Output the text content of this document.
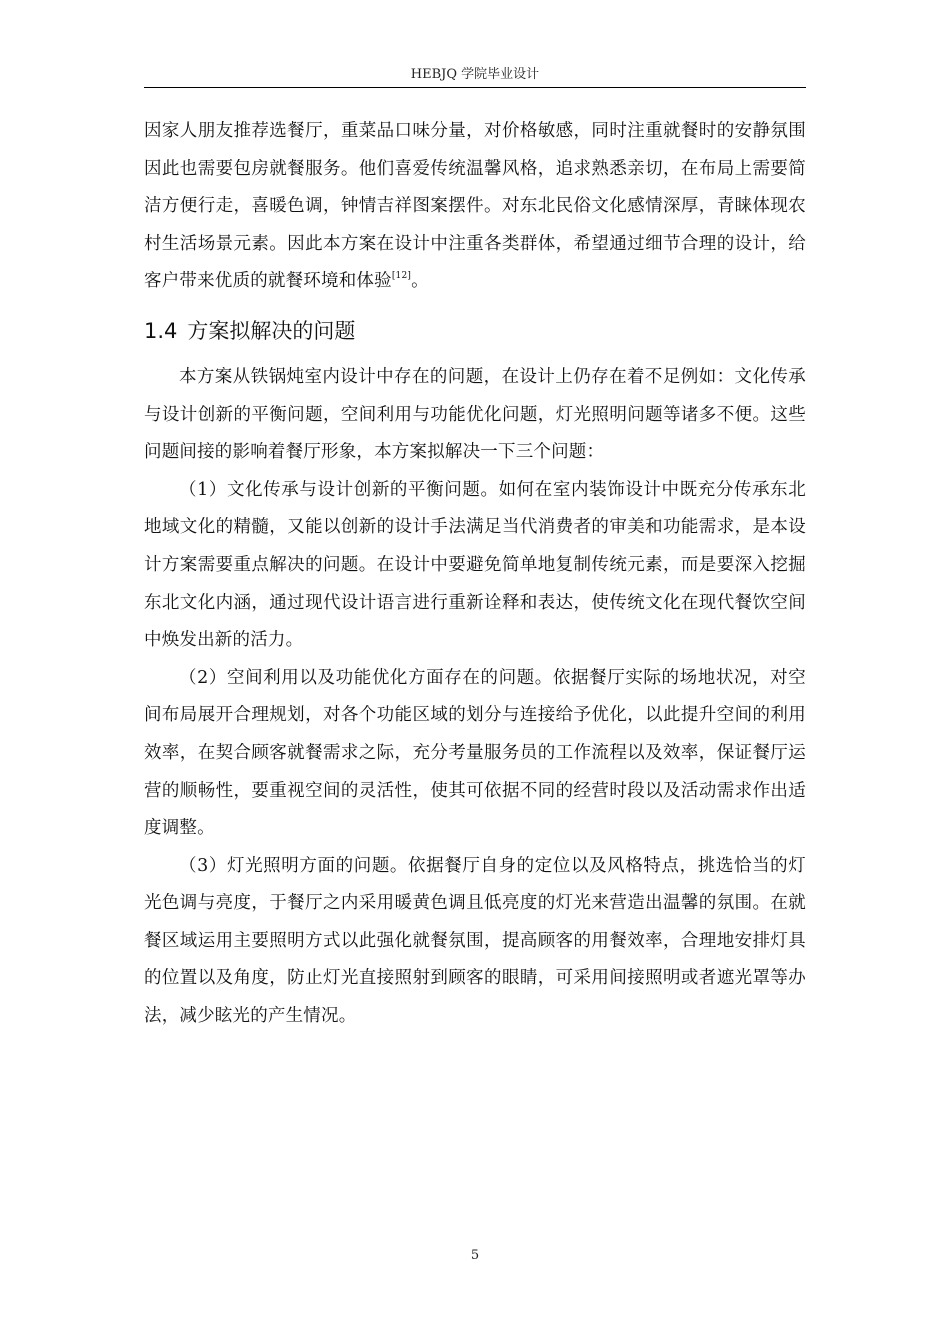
HEBJQ 学院毕业设计

因家人朋友推荐选餐厅，重菜品口味分量，对价格敏感，同时注重就餐时的安静氛围因此也需要包房就餐服务。他们喜爱传统温馨风格，追求熟悉亲切，在布局上需要简洁方便行走，喜暖色调，钟情吉祥图案摆件。对东北民俗文化感情深厚，青睐体现农村生活场景元素。因此本方案在设计中注重各类群体，希望通过细节合理的设计，给客户带来优质的就餐环境和体验[12]。

1.4 方案拟解决的问题

本方案从铁锅炖室内设计中存在的问题，在设计上仍存在着不足例如：文化传承与设计创新的平衡问题，空间利用与功能优化问题，灯光照明问题等诸多不便。这些问题间接的影响着餐厅形象，本方案拟解决一下三个问题：

（1）文化传承与设计创新的平衡问题。如何在室内装饰设计中既充分传承东北地域文化的精髓，又能以创新的设计手法满足当代消费者的审美和功能需求，是本设计方案需要重点解决的问题。在设计中要避免简单地复制传统元素，而是要深入挖掘东北文化内涵，通过现代设计语言进行重新诠释和表达，使传统文化在现代餐饮空间中焕发出新的活力。

（2）空间利用以及功能优化方面存在的问题。依据餐厅实际的场地状况，对空间布局展开合理规划，对各个功能区域的划分与连接给予优化，以此提升空间的利用效率，在契合顾客就餐需求之际，充分考量服务员的工作流程以及效率，保证餐厅运营的顺畅性，要重视空间的灵活性，使其可依据不同的经营时段以及活动需求作出适度调整。

（3）灯光照明方面的问题。依据餐厅自身的定位以及风格特点，挑选恰当的灯光色调与亮度，于餐厅之内采用暖黄色调且低亮度的灯光来营造出温馨的氛围。在就餐区域运用主要照明方式以此强化就餐氛围，提高顾客的用餐效率，合理地安排灯具的位置以及角度，防止灯光直接照射到顾客的眼睛，可采用间接照明或者遮光罩等办法，减少眩光的产生情况。

5
